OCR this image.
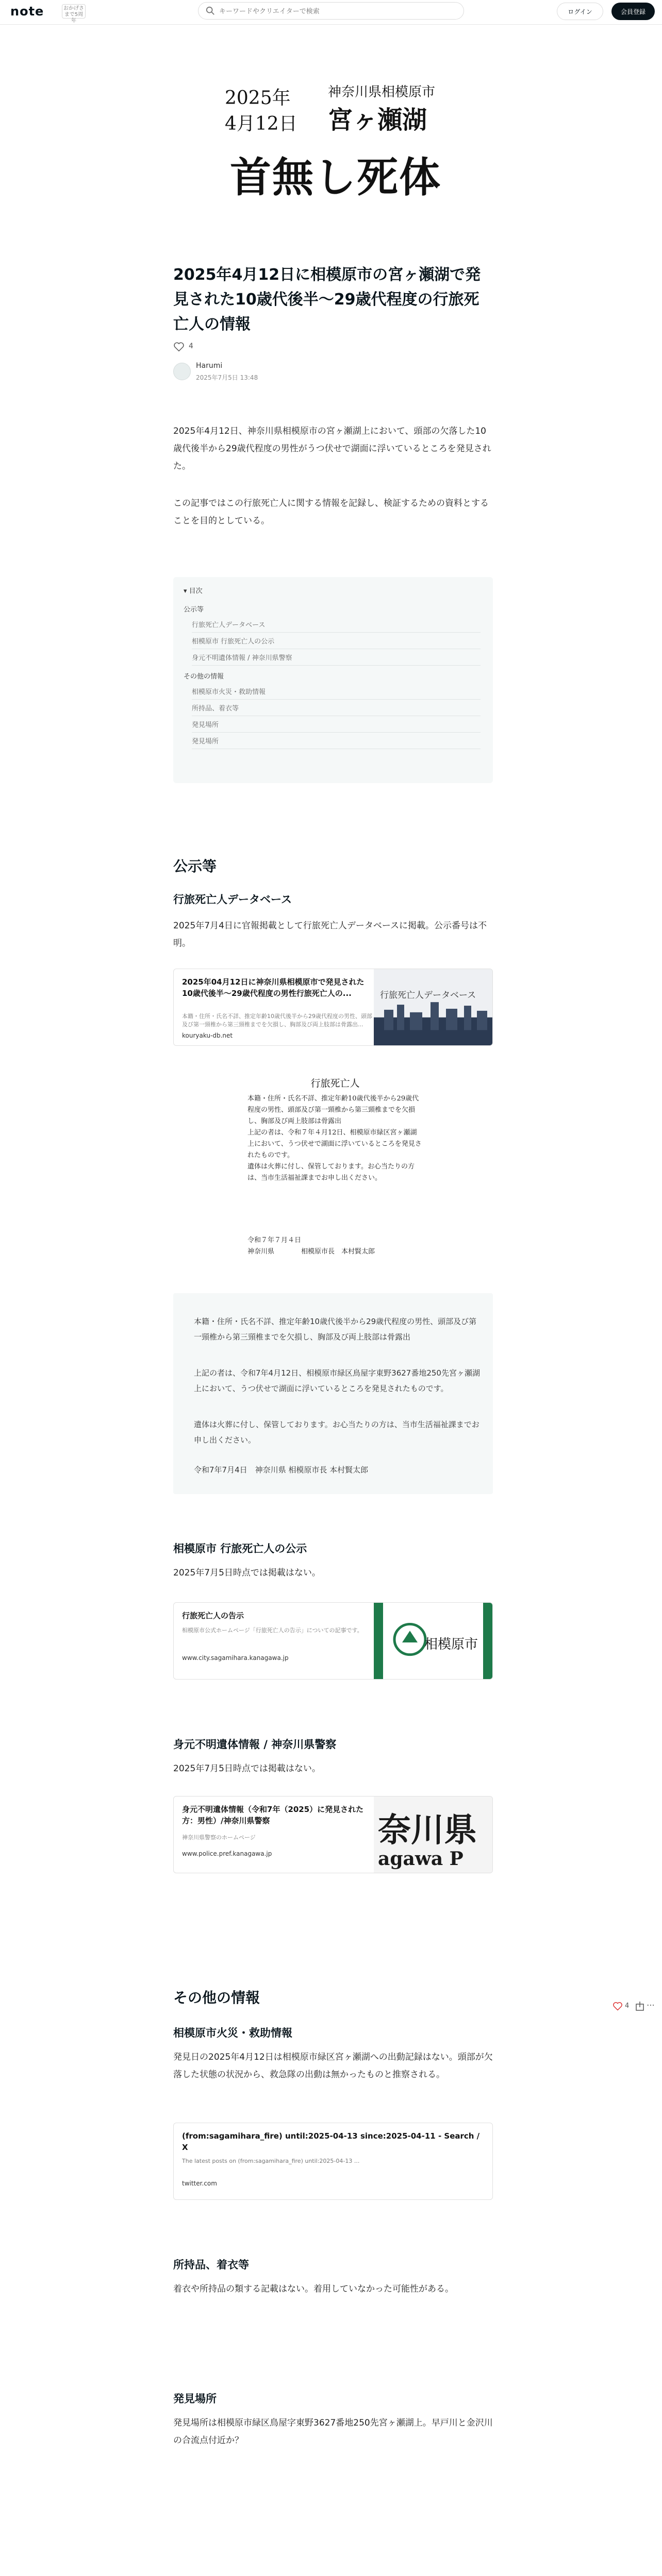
note	おかげさまで5周年
キーワードやクリエイターで検索
ログイン	会員登録
2025年
4月12日
神奈川県相模原市
宮ヶ瀬湖
首無し死体
2025年4月12日に相模原市の宮ヶ瀬湖で発見された10歳代後半〜29歳代程度の行旅死亡人の情報
4
Harumi
2025年7月5日 13:48
2025年4月12日、神奈川県相模原市の宮ヶ瀬湖上において、頭部の欠落した10歳代後半から29歳代程度の男性がうつ伏せで湖面に浮いているところを発見された。
この記事ではこの行旅死亡人に関する情報を記録し、検証するための資料とすることを目的としている。
▾ 目次
公示等
行旅死亡人データベース
相模原市 行旅死亡人の公示
身元不明遺体情報 / 神奈川県警察
その他の情報
相模原市火災・救助情報
所持品、着衣等
発見場所
発見場所
公示等
行旅死亡人データベース
2025年7月4日に官報掲載として行旅死亡人データベースに掲載。公示番号は不明。
2025年04月12日に神奈川県相模原市で発見された10歳代後半〜29歳代程度の男性行旅死亡人の...
本籍・住所・氏名不詳、推定年齢10歳代後半から29歳代程度の男性、頭部及び第一頸椎から第三頸椎までを欠損し、胸部及び両上肢部は骨露出...
kouryaku-db.net
行旅死亡人データベース
行旅死亡人
本籍・住所・氏名不詳、推定年齢10歳代後半から29歳代程度の男性、頭部及び第一頸椎から第三頸椎までを欠損し、胸部及び両上肢部は骨露出
上記の者は、令和７年４月12日、相模原市緑区宮ヶ瀬湖上において、うつ伏せで湖面に浮いているところを発見されたものです。
遺体は火葬に付し、保管しております。お心当たりの方は、当市生活福祉課までお申し出ください。
令和７年７月４日
神奈川県　　　　相模原市長　本村賢太郎
本籍・住所・氏名不詳、推定年齢10歳代後半から29歳代程度の男性、頭部及び第一頸椎から第三頸椎までを欠損し、胸部及び両上肢部は骨露出
上記の者は、令和7年4月12日、相模原市緑区鳥屋字東野3627番地250先宮ヶ瀬湖上において、うつ伏せで湖面に浮いているところを発見されたものです。
遺体は火葬に付し、保管しております。お心当たりの方は、当市生活福祉課までお申し出ください。
令和7年7月4日　神奈川県 相模原市長 本村賢太郎
相模原市 行旅死亡人の公示
2025年7月5日時点では掲載はない。
行旅死亡人の告示
相模原市公式ホームページ「行旅死亡人の告示」についての記事です。
www.city.sagamihara.kanagawa.jp
相模原市
身元不明遺体情報 / 神奈川県警察
2025年7月5日時点では掲載はない。
身元不明遺体情報（令和7年（2025）に発見された方：男性）/神奈川県警察
神奈川県警察のホームページ
www.police.pref.kanagawa.jp
奈川県
agawa P
その他の情報
相模原市火災・救助情報
発見日の2025年4月12日は相模原市緑区宮ヶ瀬湖への出動記録はない。頭部が欠落した状態の状況から、救急隊の出動は無かったものと推察される。
(from:sagamihara_fire) until:2025-04-13 since:2025-04-11 - Search / X
The latest posts on (from:sagamihara_fire) until:2025-04-13 ...
twitter.com
所持品、着衣等
着衣や所持品の類する記載はない。着用していなかった可能性がある。
発見場所
発見場所は相模原市緑区鳥屋字東野3627番地250先宮ヶ瀬湖上。早戸川と金沢川の合流点付近か？
4 ⋯
